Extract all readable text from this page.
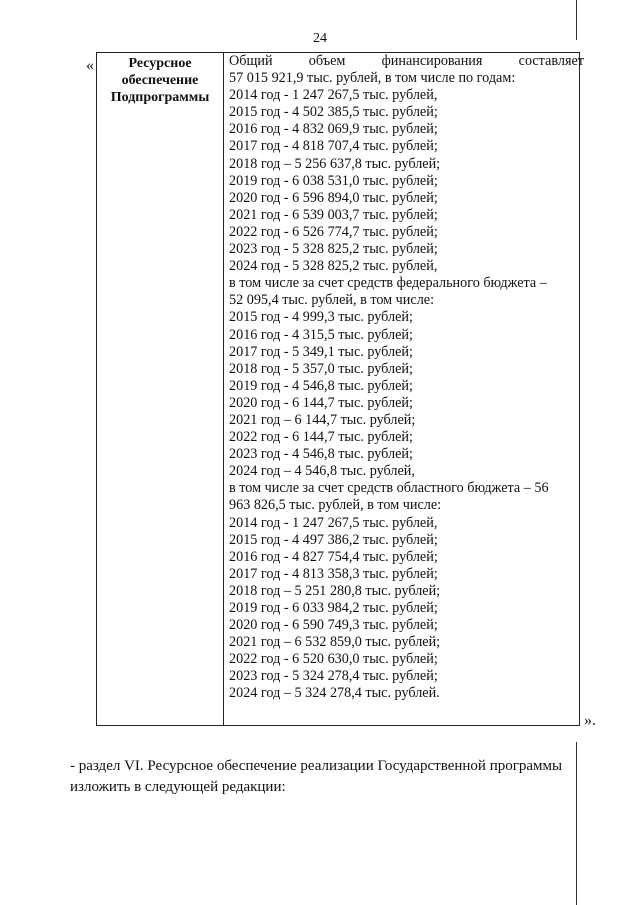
24
«	Ресурсное
обеспечение
Подпрограммы

Общий	объем	финансирования	составляет
57 015 921,9 тыс. рублей, в том числе по годам:
2014 год - 1 247 267,5 тыс. рублей,
2015 год - 4 502 385,5 тыс. рублей;
2016 год - 4 832 069,9 тыс. рублей;
2017 год - 4 818 707,4 тыс. рублей;
2018 год – 5 256 637,8 тыс. рублей;
2019 год - 6 038 531,0 тыс. рублей;
2020 год - 6 596 894,0 тыс. рублей;
2021 год - 6 539 003,7 тыс. рублей;
2022 год - 6 526 774,7 тыс. рублей;
2023 год - 5 328 825,2 тыс. рублей;
2024 год - 5 328 825,2 тыс. рублей,
в том числе за счет средств федерального бюджета –
52 095,4 тыс. рублей, в том числе:
2015 год - 4 999,3 тыс. рублей;
2016 год - 4 315,5 тыс. рублей;
2017 год - 5 349,1 тыс. рублей;
2018 год - 5 357,0 тыс. рублей;
2019 год - 4 546,8 тыс. рублей;
2020 год - 6 144,7 тыс. рублей;
2021 год – 6 144,7 тыс. рублей;
2022 год - 6 144,7 тыс. рублей;
2023 год - 4 546,8 тыс. рублей;
2024 год – 4 546,8 тыс. рублей,
в том числе за счет средств областного бюджета – 56
963 826,5 тыс. рублей, в том числе:
2014 год - 1 247 267,5 тыс. рублей,
2015 год - 4 497 386,2 тыс. рублей;
2016 год - 4 827 754,4 тыс. рублей;
2017 год - 4 813 358,3 тыс. рублей;
2018 год – 5 251 280,8 тыс. рублей;
2019 год - 6 033 984,2 тыс. рублей;
2020 год - 6 590 749,3 тыс. рублей;
2021 год – 6 532 859,0 тыс. рублей;
2022 год - 6 520 630,0 тыс. рублей;
2023 год - 5 324 278,4 тыс. рублей;
2024 год – 5 324 278,4 тыс. рублей.
».
- раздел VI. Ресурсное обеспечение реализации Государственной программы
изложить в следующей редакции:
